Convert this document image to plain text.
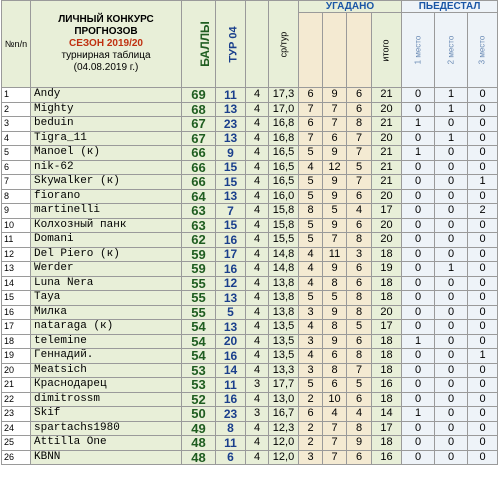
№n/n	ЛИЧНЫЙ КОНКУРС
ПРОГНОЗОВ
СЕЗОН 2019/20
турнирная таблица
(04.08.2019 г.)	БАЛЛЫ	ТУР 04		ср/тур	УГАДАНО				ПЬЕДЕСТАЛ		
			итого	1 место	2 место	3 место
1	Andy	69	11	4	17,3	6	9	6	21	0	1	0
2	Mighty	68	13	4	17,0	7	7	6	20	0	1	0
3	beduin	67	23	4	16,8	6	7	8	21	1	0	0
4	Tigra_11	67	13	4	16,8	7	6	7	20	0	1	0
5	Manoel (к)	66	9	4	16,5	5	9	7	21	1	0	0
6	nik-62	66	15	4	16,5	4	12	5	21	0	0	0
7	Skywalker (к)	66	15	4	16,5	5	9	7	21	0	0	1
8	fiorano	64	13	4	16,0	5	9	6	20	0	0	0
9	martinelli	63	7	4	15,8	8	5	4	17	0	0	2
10	Колхозный панк	63	15	4	15,8	5	9	6	20	0	0	0
11	Domani	62	16	4	15,5	5	7	8	20	0	0	0
12	Del Piero (к)	59	17	4	14,8	4	11	3	18	0	0	0
13	Werder	59	16	4	14,8	4	9	6	19	0	1	0
14	Luna Nera	55	12	4	13,8	4	8	6	18	0	0	0
15	Taya	55	13	4	13,8	5	5	8	18	0	0	0
16	Милка	55	5	4	13,8	3	9	8	20	0	0	0
17	nataraga (к)	54	13	4	13,5	4	8	5	17	0	0	0
18	telemine	54	20	4	13,5	3	9	6	18	1	0	0
19	Геннадий.	54	16	4	13,5	4	6	8	18	0	0	1
20	Meatsich	53	14	4	13,3	3	8	7	18	0	0	0
21	Краснодарец	53	11	3	17,7	5	6	5	16	0	0	0
22	dimitrossm	52	16	4	13,0	2	10	6	18	0	0	0
23	Skif	50	23	3	16,7	6	4	4	14	1	0	0
24	spartachs1980	49	8	4	12,3	2	7	8	17	0	0	0
25	Attilla One	48	11	4	12,0	2	7	9	18	0	0	0
26	KBNN	48	6	4	12,0	3	7	6	16	0	0	0
